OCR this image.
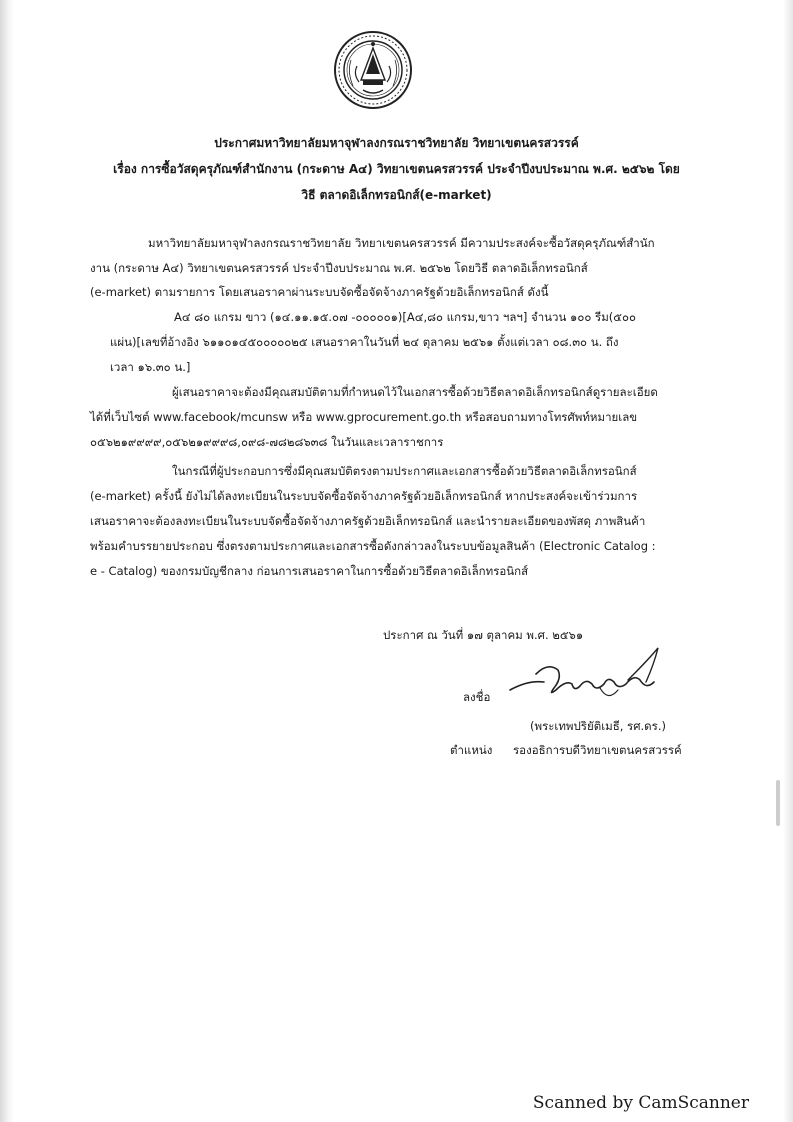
ประกาศมหาวิทยาลัยมหาจุฬาลงกรณราชวิทยาลัย วิทยาเขตนครสวรรค์
เรื่อง การซื้อวัสดุครุภัณฑ์สำนักงาน (กระดาษ A๔) วิทยาเขตนครสวรรค์ ประจำปีงบประมาณ พ.ศ. ๒๕๖๒ โดย
วิธี ตลาดอิเล็กทรอนิกส์(e-market)
มหาวิทยาลัยมหาจุฬาลงกรณราชวิทยาลัย วิทยาเขตนครสวรรค์ มีความประสงค์จะซื้อวัสดุครุภัณฑ์สำนัก
งาน (กระดาษ A๔) วิทยาเขตนครสวรรค์ ประจำปีงบประมาณ พ.ศ. ๒๕๖๒ โดยวิธี ตลาดอิเล็กทรอนิกส์
(e-market) ตามรายการ โดยเสนอราคาผ่านระบบจัดซื้อจัดจ้างภาครัฐด้วยอิเล็กทรอนิกส์ ดังนี้
A๔ ๘๐ แกรม ขาว (๑๔.๑๑.๑๕.๐๗ -๐๐๐๐๐๑)[A๔,๘๐ แกรม,ขาว ฯลฯ] จำนวน ๑๐๐ รีม(๕๐๐
แผ่น)[เลขที่อ้างอิง ๖๑๑๐๑๔๕๐๐๐๐๐๒๕ เสนอราคาในวันที่ ๒๔ ตุลาคม ๒๕๖๑ ตั้งแต่เวลา ๐๘.๓๐ น. ถึง
เวลา ๑๖.๓๐ น.]
ผู้เสนอราคาจะต้องมีคุณสมบัติตามที่กำหนดไว้ในเอกสารซื้อด้วยวิธีตลาดอิเล็กทรอนิกส์ดูรายละเอียด
ได้ที่เว็บไซต์ www.facebook/mcunsw หรือ www.gprocurement.go.th หรือสอบถามทางโทรศัพท์หมายเลข
๐๕๖๒๑๙๙๙๙,๐๕๖๒๑๙๙๙๘,๐๙๘-๗๘๒๘๖๓๘ ในวันและเวลาราชการ
ในกรณีที่ผู้ประกอบการซึ่งมีคุณสมบัติตรงตามประกาศและเอกสารซื้อด้วยวิธีตลาดอิเล็กทรอนิกส์
(e-market) ครั้งนี้ ยังไม่ได้ลงทะเบียนในระบบจัดซื้อจัดจ้างภาครัฐด้วยอิเล็กทรอนิกส์ หากประสงค์จะเข้าร่วมการ
เสนอราคาจะต้องลงทะเบียนในระบบจัดซื้อจัดจ้างภาครัฐด้วยอิเล็กทรอนิกส์ และนำรายละเอียดของพัสดุ ภาพสินค้า
พร้อมคำบรรยายประกอบ ซึ่งตรงตามประกาศและเอกสารซื้อดังกล่าวลงในระบบข้อมูลสินค้า (Electronic Catalog :
e - Catalog) ของกรมบัญชีกลาง ก่อนการเสนอราคาในการซื้อด้วยวิธีตลาดอิเล็กทรอนิกส์
ประกาศ ณ วันที่ ๑๗ ตุลาคม พ.ศ. ๒๕๖๑
ลงชื่อ
(พระเทพปริยัติเมธี, รศ.ดร.)
ตำแหน่ง รองอธิการบดีวิทยาเขตนครสวรรค์
Scanned by CamScanner
